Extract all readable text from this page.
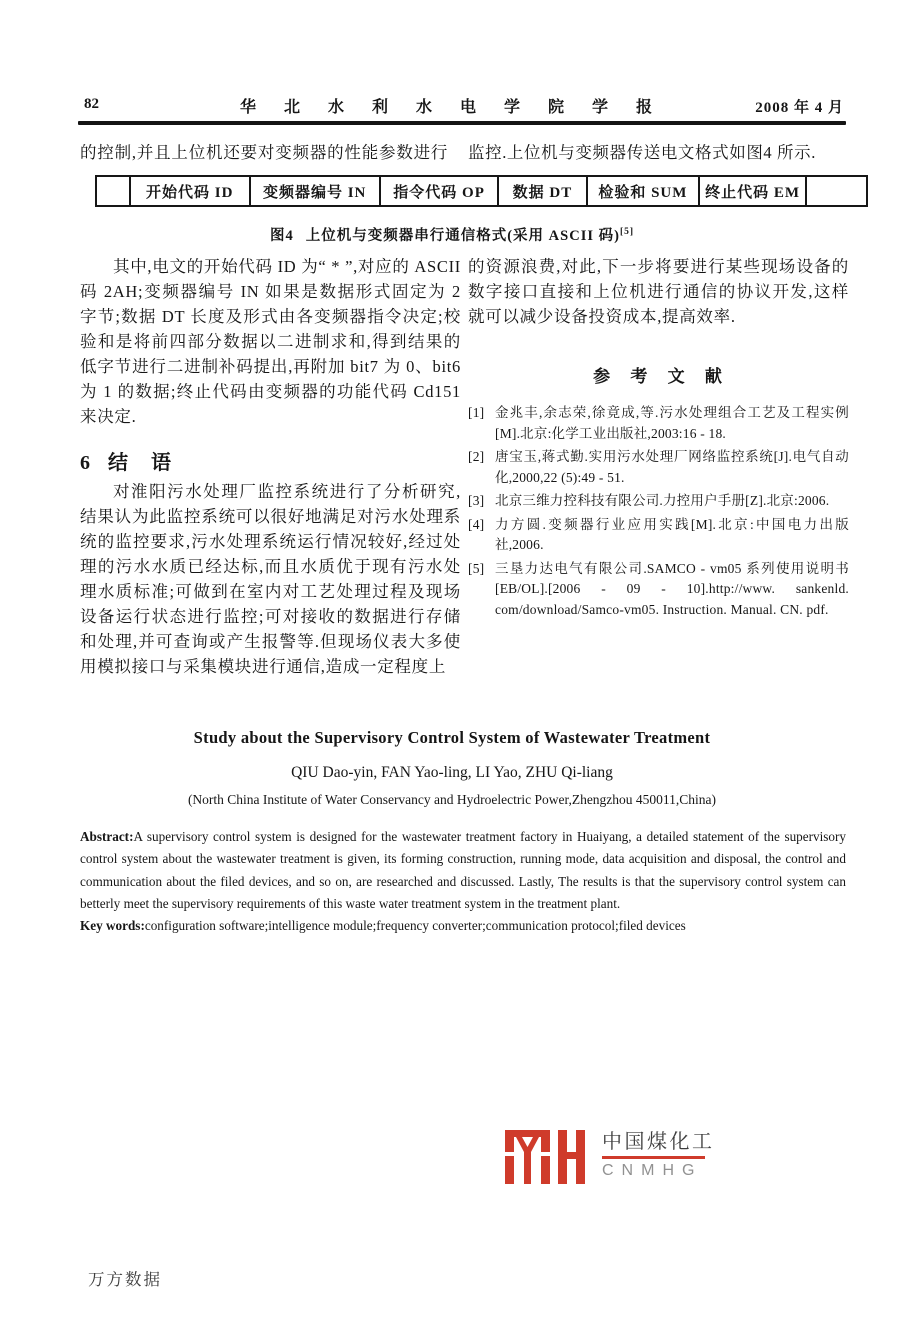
82	华 北 水 利 水 电 学 院 学 报	2008 年 4 月
的控制,并且上位机还要对变频器的性能参数进行	监控.上位机与变频器传送电文格式如图4 所示.
开始代码 ID	变频器编号 IN	指令代码 OP	数据 DT	检验和 SUM	终止代码 EM
图4 上位机与变频器串行通信格式(采用 ASCII 码)[5]

其中,电文的开始代码 ID 为“ * ”,对应的 ASCII 码 2AH;变频器编号 IN 如果是数据形式固定为 2 字节;数据 DT 长度及形式由各变频器指令决定;校验和是将前四部分数据以二进制求和,得到结果的低字节进行二进制补码提出,再附加 bit7 为 0、bit6 为 1 的数据;终止代码由变频器的功能代码 Cd151 来决定.

6 结 语

对淮阳污水处理厂监控系统进行了分析研究,结果认为此监控系统可以很好地满足对污水处理系统的监控要求,污水处理系统运行情况较好,经过处理的污水水质已经达标,而且水质优于现有污水处理水质标准;可做到在室内对工艺处理过程及现场设备运行状态进行监控;可对接收的数据进行存储和处理,并可查询或产生报警等.但现场仪表大多使用模拟接口与采集模块进行通信,造成一定程度上

的资源浪费,对此,下一步将要进行某些现场设备的数字接口直接和上位机进行通信的协议开发,这样就可以减少设备投资成本,提高效率.

参 考 文 献

[1] 金兆丰,余志荣,徐竟成,等.污水处理组合工艺及工程实例[M].北京:化学工业出版社,2003:16 - 18.

[2] 唐宝玉,蒋式勤.实用污水处理厂网络监控系统[J].电气自动化,2000,22 (5):49 - 51.

[3] 北京三维力控科技有限公司.力控用户手册[Z].北京:2006.

[4] 力方圆.变频器行业应用实践[M].北京:中国电力出版社,2006.

[5] 三垦力达电气有限公司.SAMCO - vm05 系列使用说明书[EB/OL].[2006 - 09 - 10].http://www. sankenld. com/download/Samco-vm05. Instruction. Manual. CN. pdf.

Study about the Supervisory Control System of Wastewater Treatment
QIU Dao-yin, FAN Yao-ling, LI Yao, ZHU Qi-liang
(North China Institute of Water Conservancy and Hydroelectric Power,Zhengzhou 450011,China)

Abstract:A supervisory control system is designed for the wastewater treatment factory in Huaiyang, a detailed statement of the supervisory control system about the wastewater treatment is given, its forming construction, running mode, data acquisition and disposal, the control and communication about the filed devices, and so on, are researched and discussed. Lastly, The results is that the supervisory control system can betterly meet the supervisory requirements of this waste water treatment system in the treatment plant.

Key words:configuration software;intelligence module;frequency converter;communication protocol;filed devices

中国煤化工
CNMHG
万方数据
